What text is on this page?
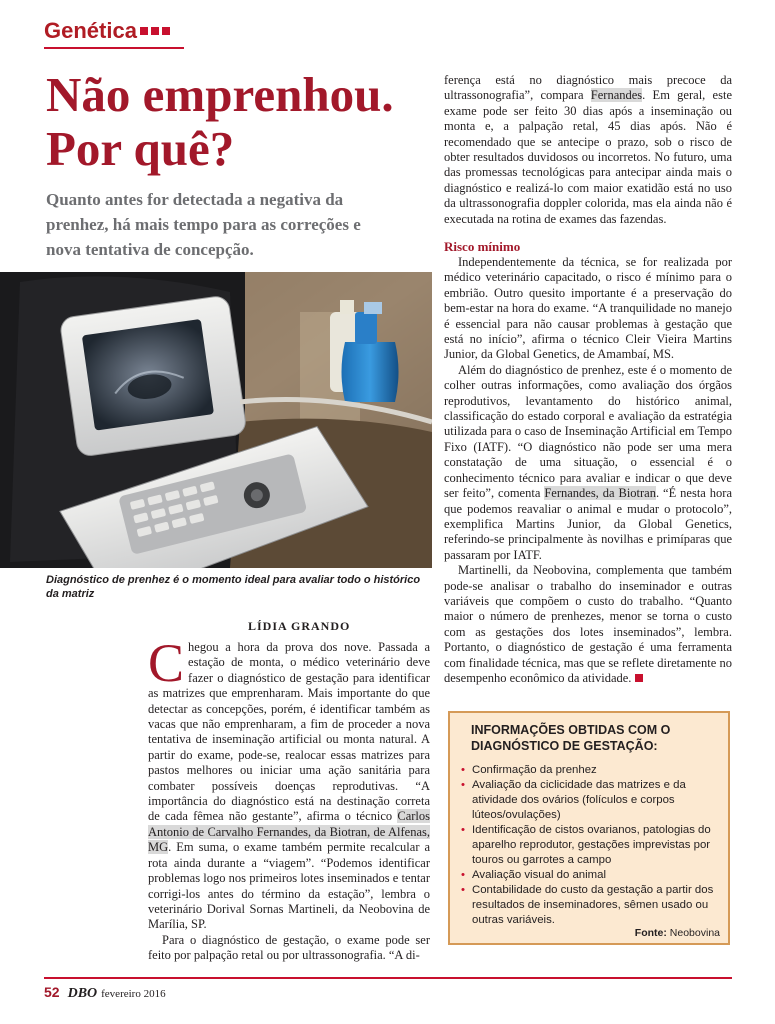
Genética
Não emprenhou.
Por quê?
Quanto antes for detectada a negativa da prenhez, há mais tempo para as correções e nova tentativa de concepção.
Diagnóstico de prenhez é o momento ideal para avaliar todo o histórico da matriz
LÍDIA GRANDO

Chegou a hora da prova dos nove. Passada a estação de monta, o médico veterinário deve fazer o diagnóstico de gestação para identificar as matrizes que emprenharam. Mais importante do que detectar as concepções, porém, é identificar também as vacas que não emprenharam, a fim de proceder a nova tentativa de inseminação artificial ou monta natural. A partir do exame, pode-se, realocar essas matrizes para pastos melhores ou iniciar uma ação sanitária para combater possíveis doenças reprodutivas. “A importância do diagnóstico está na destinação correta de cada fêmea não gestante”, afirma o técnico Carlos Antonio de Carvalho Fernandes, da Biotran, de Alfenas, MG. Em suma, o exame também permite recalcular a rota ainda durante a “viagem”. “Podemos identificar problemas logo nos primeiros lotes inseminados e tentar corrigi-los antes do término da estação”, lembra o veterinário Dorival Sornas Martineli, da Neobovina de Marília, SP.

Para o diagnóstico de gestação, o exame pode ser feito por palpação retal ou por ultrassonografia. “A di-

ferença está no diagnóstico mais precoce da ultrassonografia”, compara Fernandes. Em geral, este exame pode ser feito 30 dias após a inseminação ou monta e, a palpação retal, 45 dias após. Não é recomendado que se antecipe o prazo, sob o risco de obter resultados duvidosos ou incorretos. No futuro, uma das promessas tecnológicas para antecipar ainda mais o diagnóstico e realizá-lo com maior exatidão está no uso da ultrassonografia doppler colorida, mas ela ainda não é executada na rotina de exames das fazendas.

Risco mínimo

Independentemente da técnica, se for realizada por médico veterinário capacitado, o risco é mínimo para o embrião. Outro quesito importante é a preservação do bem-estar na hora do exame. “A tranquilidade no manejo é essencial para não causar problemas à gestação que está no início”, afirma o técnico Cleir Vieira Martins Junior, da Global Genetics, de Amambaí, MS.

Além do diagnóstico de prenhez, este é o momento de colher outras informações, como avaliação dos órgãos reprodutivos, levantamento do histórico animal, classificação do estado corporal e avaliação da estratégia utilizada para o caso de Inseminação Artificial em Tempo Fixo (IATF). “O diagnóstico não pode ser uma mera constatação de uma situação, o essencial é o conhecimento técnico para avaliar e indicar o que deve ser feito”, comenta Fernandes, da Biotran. “É nesta hora que podemos reavaliar o animal e mudar o protocolo”, exemplifica Martins Junior, da Global Genetics, referindo-se principalmente às novilhas e primíparas que passaram por IATF.

Martinelli, da Neobovina, complementa que também pode-se analisar o trabalho do inseminador e outras variáveis que compõem o custo do trabalho. “Quanto maior o número de prenhezes, menor se torna o custo com as gestações dos lotes inseminados”, lembra. Portanto, o diagnóstico de gestação é uma ferramenta com finalidade técnica, mas que se reflete diretamente no desempenho econômico da atividade.

INFORMAÇÕES OBTIDAS COM O DIAGNÓSTICO DE GESTAÇÃO:
• Confirmação da prenhez
• Avaliação da ciclicidade das matrizes e da atividade dos ovários (folículos e corpos lúteos/ovulações)
• Identificação de cistos ovarianos, patologias do aparelho reprodutor, gestações imprevistas por touros ou garrotes a campo
• Avaliação visual do animal
• Contabilidade do custo da gestação a partir dos resultados de inseminadores, sêmen usado ou outras variáveis.
Fonte: Neobovina
52 DBO fevereiro 2016
